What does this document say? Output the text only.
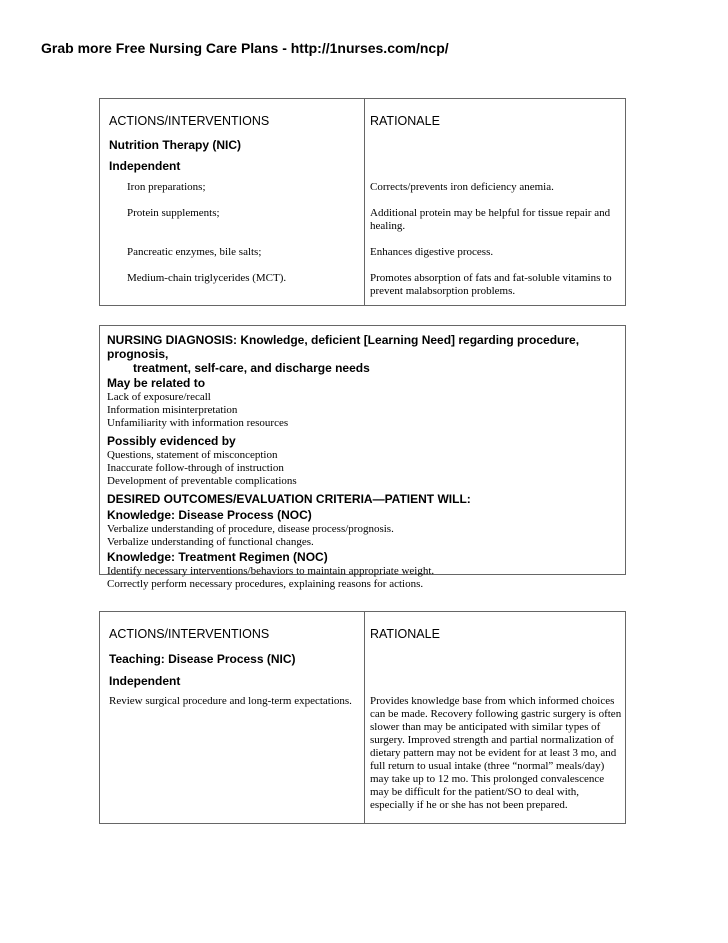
Grab more Free Nursing Care Plans - http://1nurses.com/ncp/
ACTIONS/INTERVENTIONS	RATIONALE
Nutrition Therapy (NIC)
Independent
Iron preparations;	Corrects/prevents iron deficiency anemia.
Protein supplements;	Additional protein may be helpful for tissue repair and healing.
Pancreatic enzymes, bile salts;	Enhances digestive process.
Medium-chain triglycerides (MCT).	Promotes absorption of fats and fat-soluble vitamins to prevent malabsorption problems.
NURSING DIAGNOSIS: Knowledge, deficient [Learning Need] regarding procedure, prognosis,
treatment, self-care, and discharge needs
May be related to
Lack of exposure/recall
Information misinterpretation
Unfamiliarity with information resources
Possibly evidenced by
Questions, statement of misconception
Inaccurate follow-through of instruction
Development of preventable complications
DESIRED OUTCOMES/EVALUATION CRITERIA—PATIENT WILL:
Knowledge: Disease Process (NOC)
Verbalize understanding of procedure, disease process/prognosis.
Verbalize understanding of functional changes.
Knowledge: Treatment Regimen (NOC)
Identify necessary interventions/behaviors to maintain appropriate weight.
Correctly perform necessary procedures, explaining reasons for actions.
ACTIONS/INTERVENTIONS	RATIONALE
Teaching: Disease Process (NIC)
Independent
Review surgical procedure and long-term expectations.	Provides knowledge base from which informed choices can be made. Recovery following gastric surgery is often slower than may be anticipated with similar types of surgery. Improved strength and partial normalization of dietary pattern may not be evident for at least 3 mo, and full return to usual intake (three “normal” meals/day) may take up to 12 mo. This prolonged convalescence may be difficult for the patient/SO to deal with, especially if he or she has not been prepared.
